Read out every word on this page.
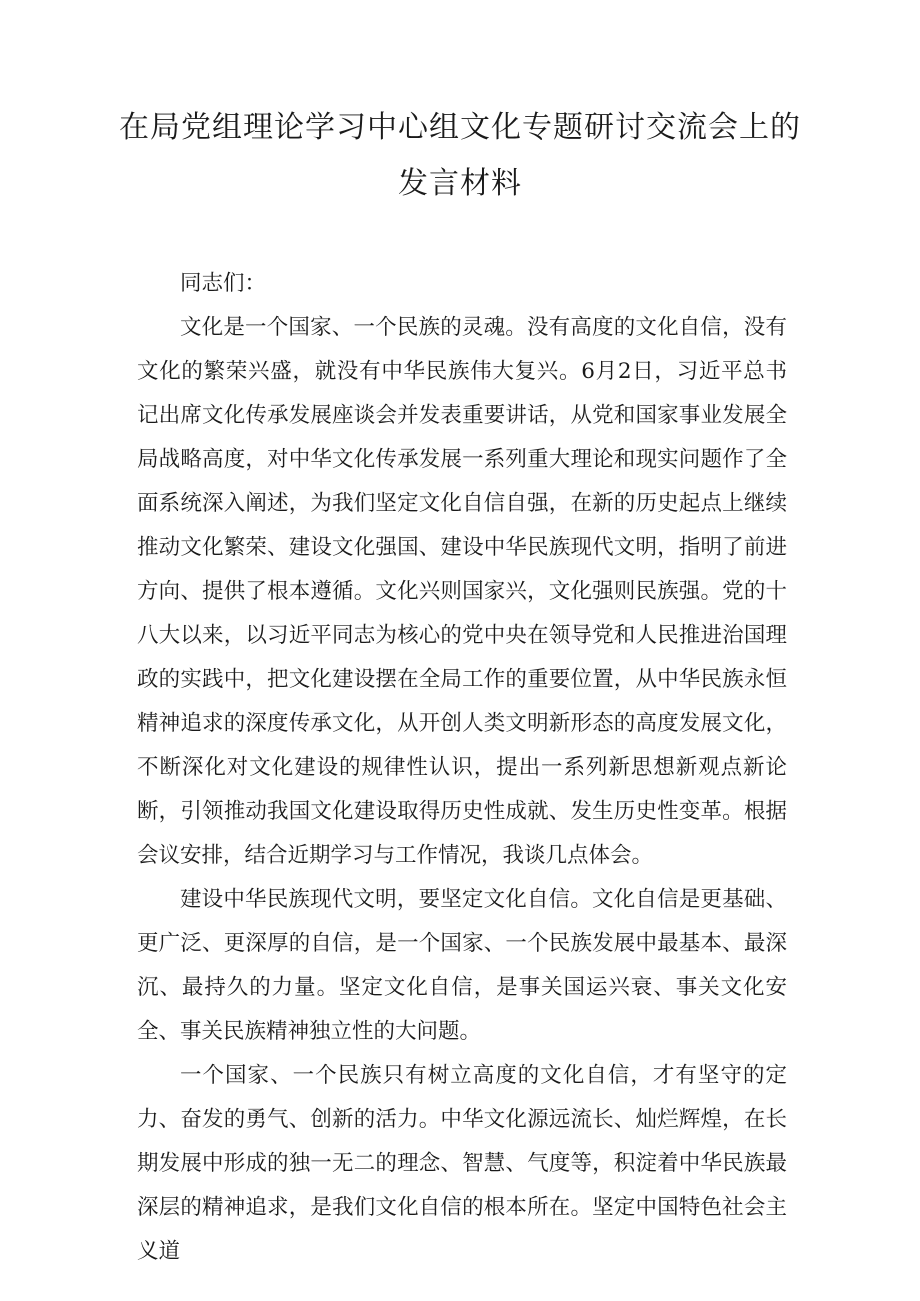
在局党组理论学习中心组文化专题研讨交流会上的
发言材料

同志们：

文化是一个国家、一个民族的灵魂。没有高度的文化自信，没有文化的繁荣兴盛，就没有中华民族伟大复兴。6月2日，习近平总书记出席文化传承发展座谈会并发表重要讲话，从党和国家事业发展全局战略高度，对中华文化传承发展一系列重大理论和现实问题作了全面系统深入阐述，为我们坚定文化自信自强，在新的历史起点上继续推动文化繁荣、建设文化强国、建设中华民族现代文明，指明了前进方向、提供了根本遵循。文化兴则国家兴，文化强则民族强。党的十八大以来，以习近平同志为核心的党中央在领导党和人民推进治国理政的实践中，把文化建设摆在全局工作的重要位置，从中华民族永恒精神追求的深度传承文化，从开创人类文明新形态的高度发展文化，不断深化对文化建设的规律性认识，提出一系列新思想新观点新论断，引领推动我国文化建设取得历史性成就、发生历史性变革。根据会议安排，结合近期学习与工作情况，我谈几点体会。

建设中华民族现代文明，要坚定文化自信。文化自信是更基础、更广泛、更深厚的自信，是一个国家、一个民族发展中最基本、最深沉、最持久的力量。坚定文化自信，是事关国运兴衰、事关文化安全、事关民族精神独立性的大问题。

一个国家、一个民族只有树立高度的文化自信，才有坚守的定力、奋发的勇气、创新的活力。中华文化源远流长、灿烂辉煌，在长期发展中形成的独一无二的理念、智慧、气度等，积淀着中华民族最深层的精神追求，是我们文化自信的根本所在。坚定中国特色社会主义道
